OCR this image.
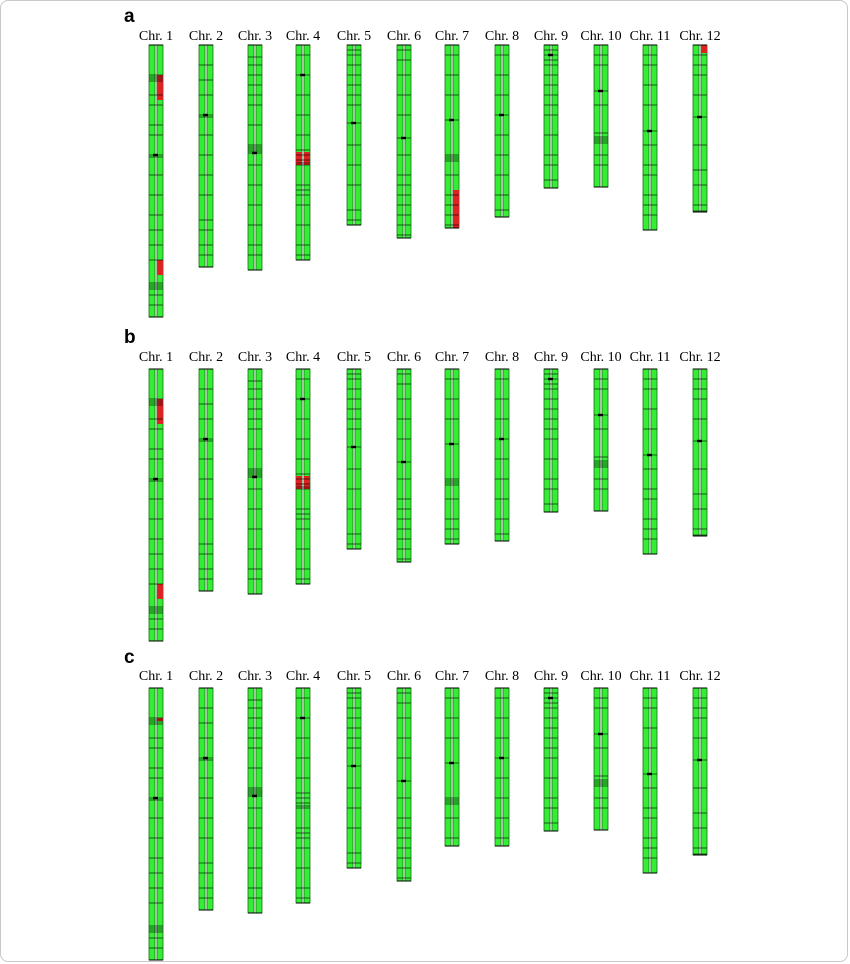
a
Chr. 1 Chr. 2 Chr. 3 Chr. 4 Chr. 5 Chr. 6 Chr. 7 Chr. 8 Chr. 9 Chr. 10 Chr. 11 Chr. 12
b
Chr. 1 Chr. 2 Chr. 3 Chr. 4 Chr. 5 Chr. 6 Chr. 7 Chr. 8 Chr. 9 Chr. 10 Chr. 11 Chr. 12
c
Chr. 1 Chr. 2 Chr. 3 Chr. 4 Chr. 5 Chr. 6 Chr. 7 Chr. 8 Chr. 9 Chr. 10 Chr. 11 Chr. 12
